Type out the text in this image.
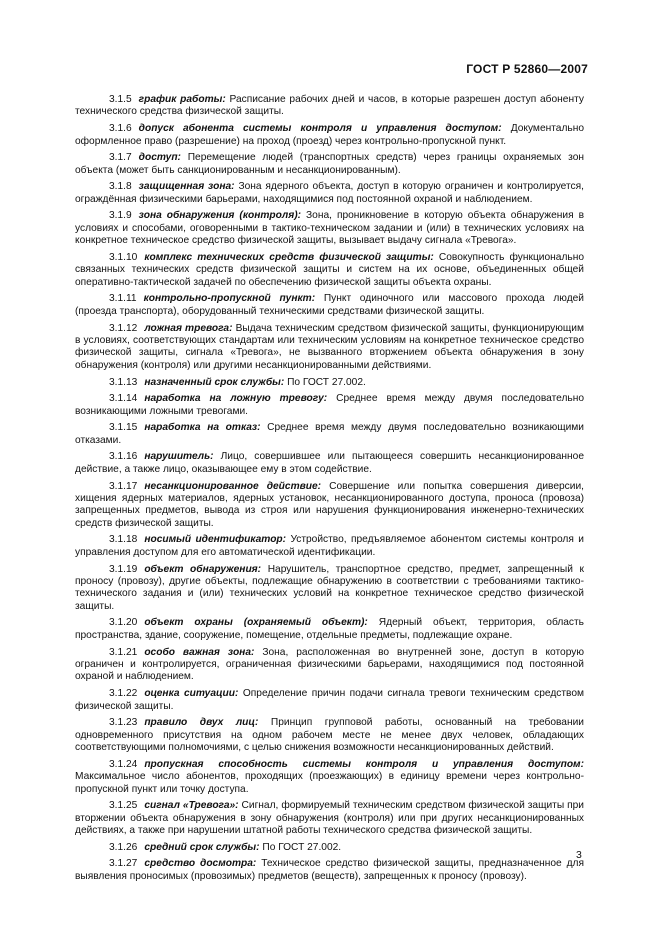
ГОСТ Р 52860—2007

3.1.5 график работы: Расписание рабочих дней и часов, в которые разрешен доступ абоненту технического средства физической защиты.

3.1.6 допуск абонента системы контроля и управления доступом: Документально оформленное право (разрешение) на проход (проезд) через контрольно-пропускной пункт.

3.1.7 доступ: Перемещение людей (транспортных средств) через границы охраняемых зон объекта (может быть санкционированным и несанкционированным).

3.1.8 защищенная зона: Зона ядерного объекта, доступ в которую ограничен и контролируется, ограждённая физическими барьерами, находящимися под постоянной охраной и наблюдением.

3.1.9 зона обнаружения (контроля): Зона, проникновение в которую объекта обнаружения в условиях и способами, оговоренными в тактико-техническом задании и (или) в технических условиях на конкретное техническое средство физической защиты, вызывает выдачу сигнала «Тревога».

3.1.10 комплекс технических средств физической защиты: Совокупность функционально связанных технических средств физической защиты и систем на их основе, объединенных общей оперативно-тактической задачей по обеспечению физической защиты объекта охраны.

3.1.11 контрольно-пропускной пункт: Пункт одиночного или массового прохода людей (проезда транспорта), оборудованный техническими средствами физической защиты.

3.1.12 ложная тревога: Выдача техническим средством физической защиты, функционирующим в условиях, соответствующих стандартам или техническим условиям на конкретное техническое средство физической защиты, сигнала «Тревога», не вызванного вторжением объекта обнаружения в зону обнаружения (контроля) или другими несанкционированными действиями.

3.1.13 назначенный срок службы: По ГОСТ 27.002.

3.1.14 наработка на ложную тревогу: Среднее время между двумя последовательно возникающими ложными тревогами.

3.1.15 наработка на отказ: Среднее время между двумя последовательно возникающими отказами.

3.1.16 нарушитель: Лицо, совершившее или пытающееся совершить несанкционированное действие, а также лицо, оказывающее ему в этом содействие.

3.1.17 несанкционированное действие: Совершение или попытка совершения диверсии, хищения ядерных материалов, ядерных установок, несанкционированного доступа, проноса (провоза) запрещенных предметов, вывода из строя или нарушения функционирования инженерно-технических средств физической защиты.

3.1.18 носимый идентификатор: Устройство, предъявляемое абонентом системы контроля и управления доступом для его автоматической идентификации.

3.1.19 объект обнаружения: Нарушитель, транспортное средство, предмет, запрещенный к проносу (провозу), другие объекты, подлежащие обнаружению в соответствии с требованиями тактико-технического задания и (или) технических условий на конкретное техническое средство физической защиты.

3.1.20 объект охраны (охраняемый объект): Ядерный объект, территория, область пространства, здание, сооружение, помещение, отдельные предметы, подлежащие охране.

3.1.21 особо важная зона: Зона, расположенная во внутренней зоне, доступ в которую ограничен и контролируется, ограниченная физическими барьерами, находящимися под постоянной охраной и наблюдением.

3.1.22 оценка ситуации: Определение причин подачи сигнала тревоги техническим средством физической защиты.

3.1.23 правило двух лиц: Принцип групповой работы, основанный на требовании одновременного присутствия на одном рабочем месте не менее двух человек, обладающих соответствующими полномочиями, с целью снижения возможности несанкционированных действий.

3.1.24 пропускная способность системы контроля и управления доступом: Максимальное число абонентов, проходящих (проезжающих) в единицу времени через контрольно-пропускной пункт или точку доступа.

3.1.25 сигнал «Тревога»: Сигнал, формируемый техническим средством физической защиты при вторжении объекта обнаружения в зону обнаружения (контроля) или при других несанкционированных действиях, а также при нарушении штатной работы технического средства физической защиты.

3.1.26 средний срок службы: По ГОСТ 27.002.

3.1.27 средство досмотра: Техническое средство физической защиты, предназначенное для выявления проносимых (провозимых) предметов (веществ), запрещенных к проносу (провозу).

3
